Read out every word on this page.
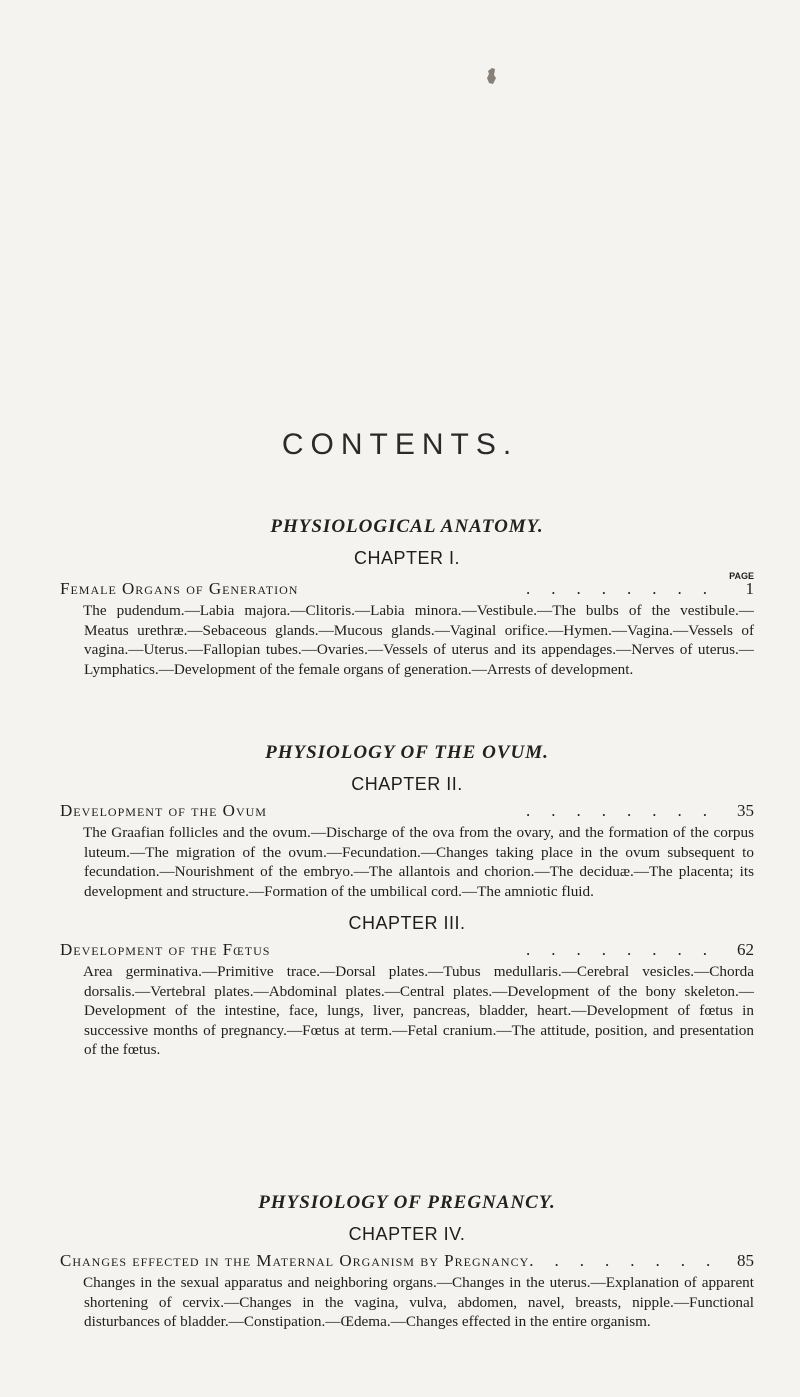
CONTENTS.

PHYSIOLOGICAL ANATOMY.

CHAPTER I.

PAGE
Female Organs of Generation	........	1

The pudendum.—Labia majora.—Clitoris.—Labia minora.—Vestibule.—The bulbs of the vestibule.—Meatus urethræ.—Sebaceous glands.—Mucous glands.—Vaginal orifice.—Hymen.—Vagina.—Vessels of vagina.—Uterus.—Fallopian tubes.—Ovaries.—Vessels of uterus and its appendages.—Nerves of uterus.—Lymphatics.—Development of the female organs of generation.—Arrests of development.

PHYSIOLOGY OF THE OVUM.

CHAPTER II.

Development of the Ovum	........ 35

The Graafian follicles and the ovum.—Discharge of the ova from the ovary, and the formation of the corpus luteum.—The migration of the ovum.—Fecundation.—Changes taking place in the ovum subsequent to fecundation.—Nourishment of the embryo.—The allantois and chorion.—The deciduæ.—The placenta; its development and structure.—Formation of the umbilical cord.—The amniotic fluid.

CHAPTER III.

Development of the Fœtus	........ 62

Area germinativa.—Primitive trace.—Dorsal plates.—Tubus medullaris.—Cerebral vesicles.—Chorda dorsalis.—Vertebral plates.—Abdominal plates.—Central plates.—Development of the bony skeleton.—Development of the intestine, face, lungs, liver, pancreas, bladder, heart.—Development of fœtus in successive months of pregnancy.—Fœtus at term.—Fetal cranium.—The attitude, position, and presentation of the fœtus.

PHYSIOLOGY OF PREGNANCY.

CHAPTER IV.

Changes effected in the Maternal Organism by Pregnancy ........ 85

Changes in the sexual apparatus and neighboring organs.—Changes in the uterus.—Explanation of apparent shortening of cervix.—Changes in the vagina, vulva, abdomen, navel, breasts, nipple.—Functional disturbances of bladder.—Constipation.—Œdema.—Changes effected in the entire organism.
